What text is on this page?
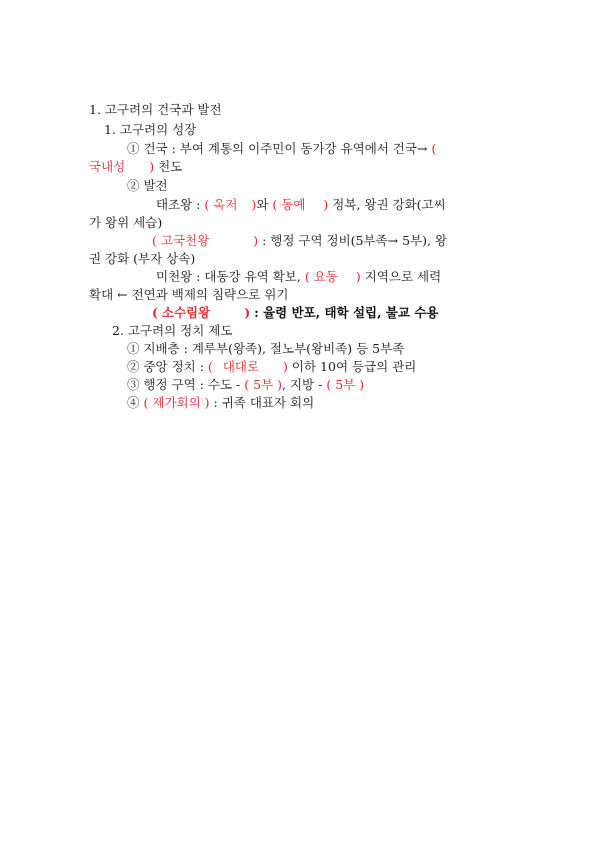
1. 고구려의 건국과 발전
1. 고구려의 성장
① 건국 : 부여 계통의 이주민이 동가강 유역에서 건국→ (
국내성 ) 천도
② 발전
태조왕 : ( 옥저 )와 ( 동예 ) 정복, 왕권 강화(고씨
가 왕위 세습)
( 고국천왕	) : 행정 구역 정비(5부족→ 5부), 왕
권 강화 (부자 상속)
미천왕 : 대동강 유역 확보, ( 요동 ) 지역으로 세력
확대 ← 전연과 백제의 침략으로 위기
( 소수림왕	) : 율령 반포, 태학 설립, 불교 수용
2. 고구려의 정치 제도
① 지배층 : 계루부(왕족), 절노부(왕비족) 등 5부족
② 중앙 정치 : ( 대대로 ) 이하 10여 등급의 관리
③ 행정 구역 : 수도 - ( 5부 ), 지방 - ( 5부 )
④ ( 제가회의 ) : 귀족 대표자 회의
